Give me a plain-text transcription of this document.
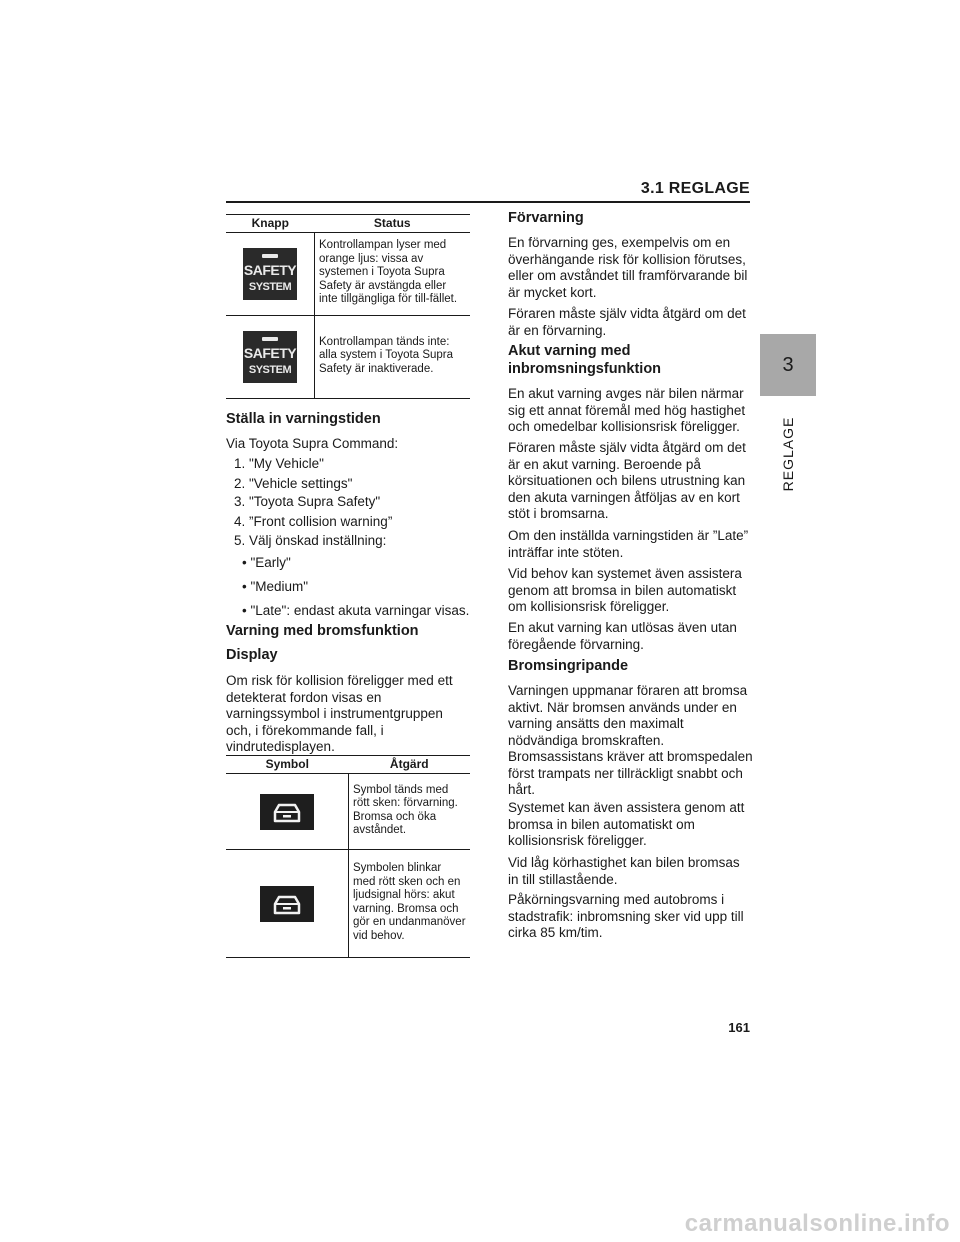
3.1 REGLAGE
3
REGLAGE
Knapp	Status

SAFETY
SYSTEM	Kontrollampan lyser med orange ljus: vissa av systemen i Toyota Supra Safety är avstängda eller inte tillgängliga för till-fället.

SAFETY
SYSTEM	Kontrollampan tänds inte: alla system i Toyota Supra Safety är inaktiverade.
Ställa in varningstiden

Via Toyota Supra Command:

1. "My Vehicle"

2. "Vehicle settings"

3. "Toyota Supra Safety"

4. ”Front collision warning”

5. Välj önskad inställning:

• "Early"

• "Medium"

• "Late": endast akuta varningar visas.

Varning med bromsfunktion
Display

Om risk för kollision föreligger med ett detekterat fordon visas en varningssymbol i instrumentgruppen och, i förekommande fall, i vindrutedisplayen.

Symbol	Åtgärd

	Symbol tänds med rött sken: förvarning. Bromsa och öka avståndet.

	Symbolen blinkar med rött sken och en ljudsignal hörs: akut varning. Bromsa och gör en undanmanöver vid behov.
Förvarning

En förvarning ges, exempelvis om en överhängande risk för kollision förutses, eller om avståndet till framförvarande bil är mycket kort.

Föraren måste själv vidta åtgärd om det är en förvarning.

Akut varning med inbromsningsfunktion

En akut varning avges när bilen närmar sig ett annat föremål med hög hastighet och omedelbar kollisionsrisk föreligger.

Föraren måste själv vidta åtgärd om det är en akut varning. Beroende på körsituationen och bilens utrustning kan den akuta varningen åtföljas av en kort stöt i bromsarna.

Om den inställda varningstiden är ”Late” inträffar inte stöten.

Vid behov kan systemet även assistera genom att bromsa in bilen automatiskt om kollisionsrisk föreligger.

En akut varning kan utlösas även utan föregående förvarning.

Bromsingripande

Varningen uppmanar föraren att bromsa aktivt. När bromsen används under en varning ansätts den maximalt nödvändiga bromskraften. Bromsassistans kräver att bromspedalen först trampats ner tillräckligt snabbt och hårt.

Systemet kan även assistera genom att bromsa in bilen automatiskt om kollisionsrisk föreligger.

Vid låg körhastighet kan bilen bromsas in till stillastående.

Påkörningsvarning med autobroms i stadstrafik: inbromsning sker vid upp till cirka 85 km/tim.

161
carmanualsonline.info
